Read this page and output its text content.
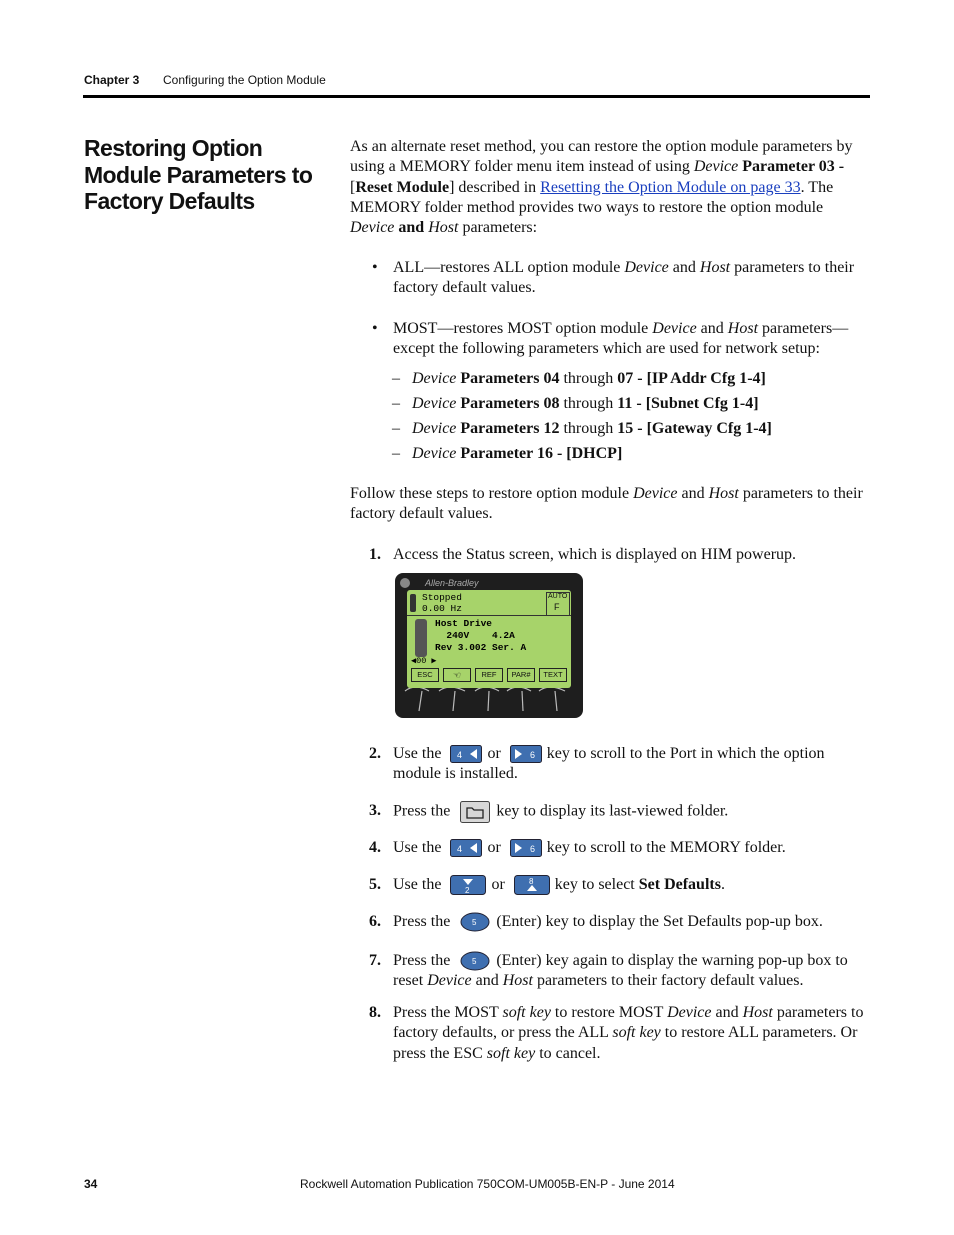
Chapter 3 Configuring the Option Module
Restoring Option Module Parameters to Factory Defaults
As an alternate reset method, you can restore the option module parameters by using a MEMORY folder menu item instead of using Device Parameter 03 -
[Reset Module] described in Resetting the Option Module on page 33. The MEMORY folder method provides two ways to restore the option module Device and Host parameters:
• ALL—restores ALL option module Device and Host parameters to their factory default values.
• MOST—restores MOST option module Device and Host parameters—except the following parameters which are used for network setup:
– Device Parameters 04 through 07 - [IP Addr Cfg 1-4]
– Device Parameters 08 through 11 - [Subnet Cfg 1-4]
– Device Parameters 12 through 15 - [Gateway Cfg 1-4]
– Device Parameter 16 - [DHCP]
Follow these steps to restore option module Device and Host parameters to their factory default values.
1. Access the Status screen, which is displayed on HIM powerup.
Allen-Bradley
Stopped
0.00 Hz
AUTO
F
Host Drive
240V    4.2A
Rev 3.002 Ser. A
◀00 ▶
ESC	☜	REF	PAR#	TEXT
2. Use the 4 or	6 key to scroll to the Port in which the option module is installed.
3. Press the	key to display its last-viewed folder.
4. Use the 4 or	6 key to scroll to the MEMORY folder.
5. Use the	2 or	8 key to select Set Defaults.
6. Press the	5 (Enter) key to display the Set Defaults pop-up box.
7. Press the	5 (Enter) key again to display the warning pop-up box to reset Device and Host parameters to their factory default values.
8. Press the MOST soft key to restore MOST Device and Host parameters to factory defaults, or press the ALL soft key to restore ALL parameters. Or press the ESC soft key to cancel.
34	Rockwell Automation Publication 750COM-UM005B-EN-P - June 2014
